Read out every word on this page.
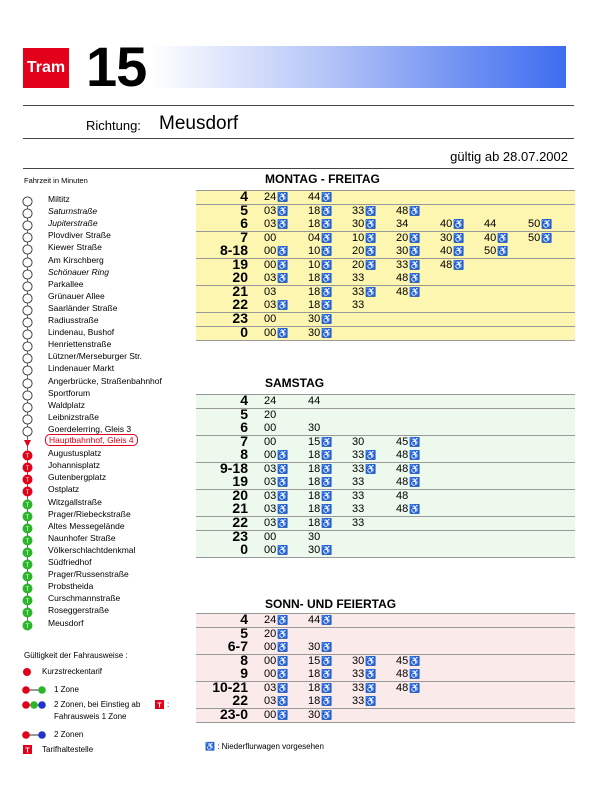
Tram 15
Richtung: Meusdorf
gültig ab 28.07.2002
Fahrzeit in Minuten
Miltitz
Saturnstraße
Jupiterstraße
Plovdiver Straße
Kiewer Straße
Am Kirschberg
Schönauer Ring
Parkallee
Grünauer Allee
Saarländer Straße
Radiusstraße
Lindenau, Bushof
Henriettenstraße
Lützner/Merseburger Str.
Lindenauer Markt
Angerbrücke, Straßenbahnhof
Sportforum
Waldplatz
Leibnizstraße
Goerdelerring, Gleis 3
Hauptbahnhof, Gleis 4
T Augustusplatz
T Johannisplatz
T Gutenbergplatz
T Ostplatz
T Witzgallstraße
T Prager/Riebeckstraße
T Altes Messegelände
T Naunhofer Straße
T Völkerschlachtdenkmal
T Südfriedhof
T Prager/Russenstraße
T Probstheida
T Curschmannstraße
T Roseggerstraße
T Meusdorf
Gültigkeit der Fahrausweise :
Kurzstreckentarif
1 Zone
2 Zonen, bei Einstieg ab T :
Fahrausweis 1 Zone
2 Zonen
T Tarifhaltestelle
MONTAG - FREITAG
4 24♿ 44♿
5 03♿ 18♿ 33♿ 48♿
6 03♿ 18♿ 30♿ 34	40♿ 44	50♿
7 00	04♿ 10♿ 20♿ 30♿ 40♿ 50♿
8-18 00♿ 10♿ 20♿ 30♿ 40♿ 50♿
19 00♿ 10♿ 20♿ 33♿ 48♿
20 03♿ 18♿ 33	48♿
21 03	18♿ 33♿ 48♿
22 03♿ 18♿ 33
23 00	30♿
0 00♿ 30♿
SAMSTAG
4 24	44
5 20
6 00	30
7 00	15♿ 30	45♿
8 00♿ 18♿ 33♿ 48♿
9-18 03♿ 18♿ 33♿ 48♿
19 03♿ 18♿ 33	48♿
20 03♿ 18♿ 33	48
21 03♿ 18♿ 33	48♿
22 03♿ 18♿ 33
23 00	30
0 00♿ 30♿
SONN- UND FEIERTAG
4 24♿ 44♿
5 20♿
6-7 00♿ 30♿
8 00♿ 15♿ 30♿ 45♿
9 00♿ 18♿ 33♿ 48♿
10-21 03♿ 18♿ 33♿ 48♿
22 03♿ 18♿ 33♿
23-0 00♿ 30♿
♿ : Niederflurwagen vorgesehen
